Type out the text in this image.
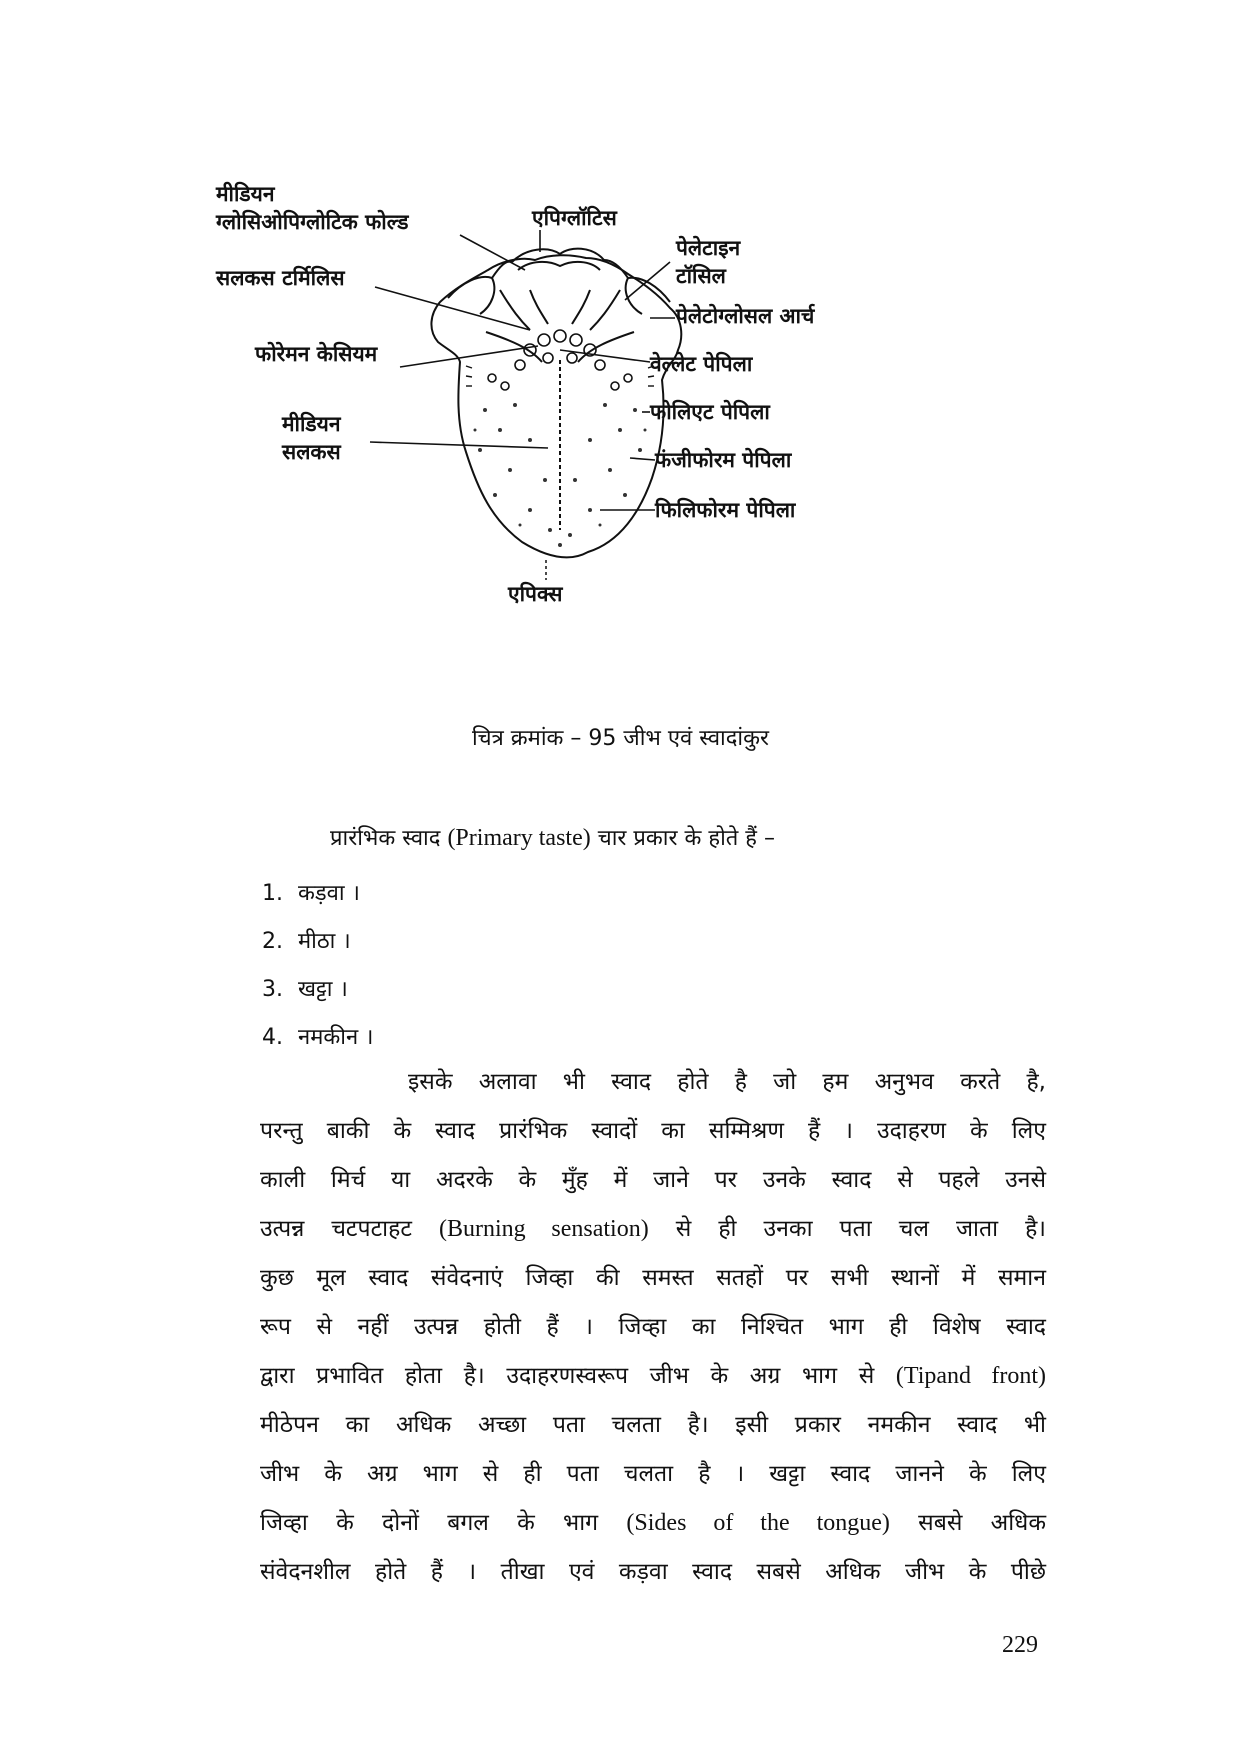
मीडियन
ग्लोसिओपिग्लोटिक फोल्ड	एपिग्लॉटिस
पेलेटाइन
टॉसिल
सलकस टर्मिलिस
पेलेटोग्लोसल आर्च
फोरेमन केसियम	वेल्लेट पेपिला
फोलिएट पेपिला
मीडियन
सलकस	फंजीफोरम पेपिला
फिलिफोरम पेपिला
एपिक्स
चित्र क्रमांक – 95 जीभ एवं स्वादांकुर
प्रारंभिक स्वाद (Primary taste) चार प्रकार के होते हैं –
1. कड़वा ।
2. मीठा ।
3. खट्टा ।
4. नमकीन ।
इसके अलावा भी स्वाद होते है जो हम अनुभव करते है,
परन्तु बाकी के स्वाद प्रारंभिक स्वादों का सम्मिश्रण हैं । उदाहरण के लिए
काली मिर्च या अदरके के मुँह में जाने पर उनके स्वाद से पहले उनसे
उत्पन्न चटपटाहट (Burning sensation) से ही उनका पता चल जाता है।
कुछ मूल स्वाद संवेदनाएं जिव्हा की समस्त सतहों पर सभी स्थानों में समान
रूप से नहीं उत्पन्न होती हैं । जिव्हा का निश्चित भाग ही विशेष स्वाद
द्वारा प्रभावित होता है। उदाहरणस्वरूप जीभ के अग्र भाग से (Tipand front)
मीठेपन का अधिक अच्छा पता चलता है। इसी प्रकार नमकीन स्वाद भी
जीभ के अग्र भाग से ही पता चलता है । खट्टा स्वाद जानने के लिए
जिव्हा के दोनों बगल के भाग (Sides of the tongue) सबसे अधिक
संवेदनशील होते हैं । तीखा एवं कड़वा स्वाद सबसे अधिक जीभ के पीछे
229
